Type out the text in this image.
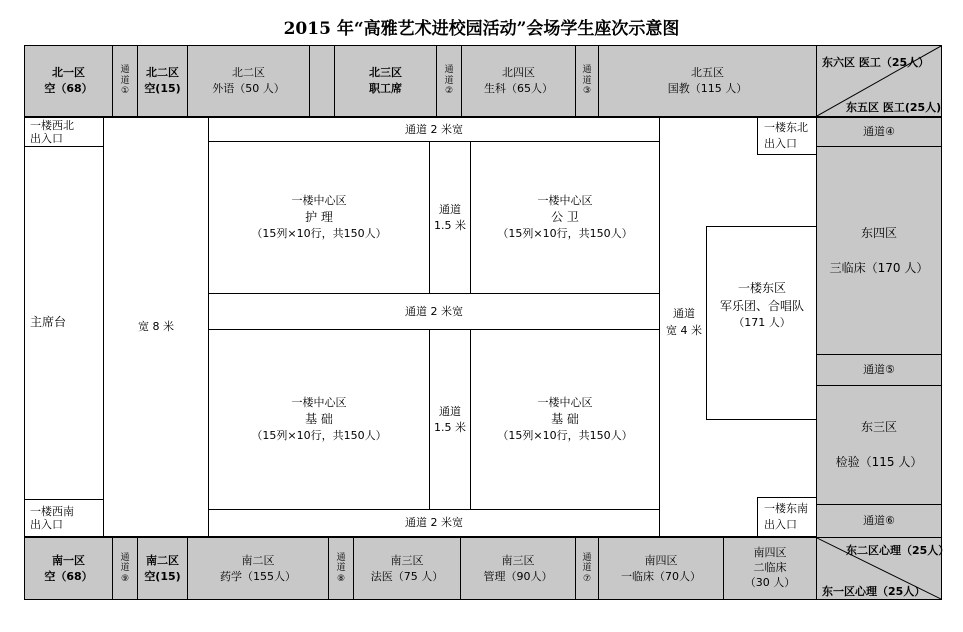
2015 年“高雅艺术进校园活动”会场学生座次示意图
北一区
空（68）
通
道
①
北二区
空(15)
北二区
外语（50 人）
北三区
职工席
通
道
②
北四区
生科（65人）
通
道
③
北五区
国教（115 人）
东六区 医工（25人）
东五区 医工(25人)
一楼西北
出入口
主席台
一楼西南
出入口
宽 8 米
通道 2 米宽
一楼中心区
护 理
（15列×10行，共150人）
通道
1.5 米
一楼中心区
公 卫
（15列×10行，共150人）
通道 2 米宽
一楼中心区
基 础
（15列×10行，共150人）
通道
1.5 米
一楼中心区
基 础
（15列×10行，共150人）
通道 2 米宽
通道
宽 4 米
一楼东北
出入口
一楼东南
出入口
一楼东区
军乐团、合唱队
（171 人）
通道④
东四区
三临床（170 人）
通道⑤
东三区
检验（115 人）
通道⑥
南一区
空（68）
通
道
⑨
南二区
空(15)
南二区
药学（155人）
通
道
⑧
南三区
法医（75 人）
南三区
管理（90人）
通
道
⑦
南四区
一临床（70人）
南四区
二临床
（30 人）
东二区心理（25人）
东一区心理（25人）
